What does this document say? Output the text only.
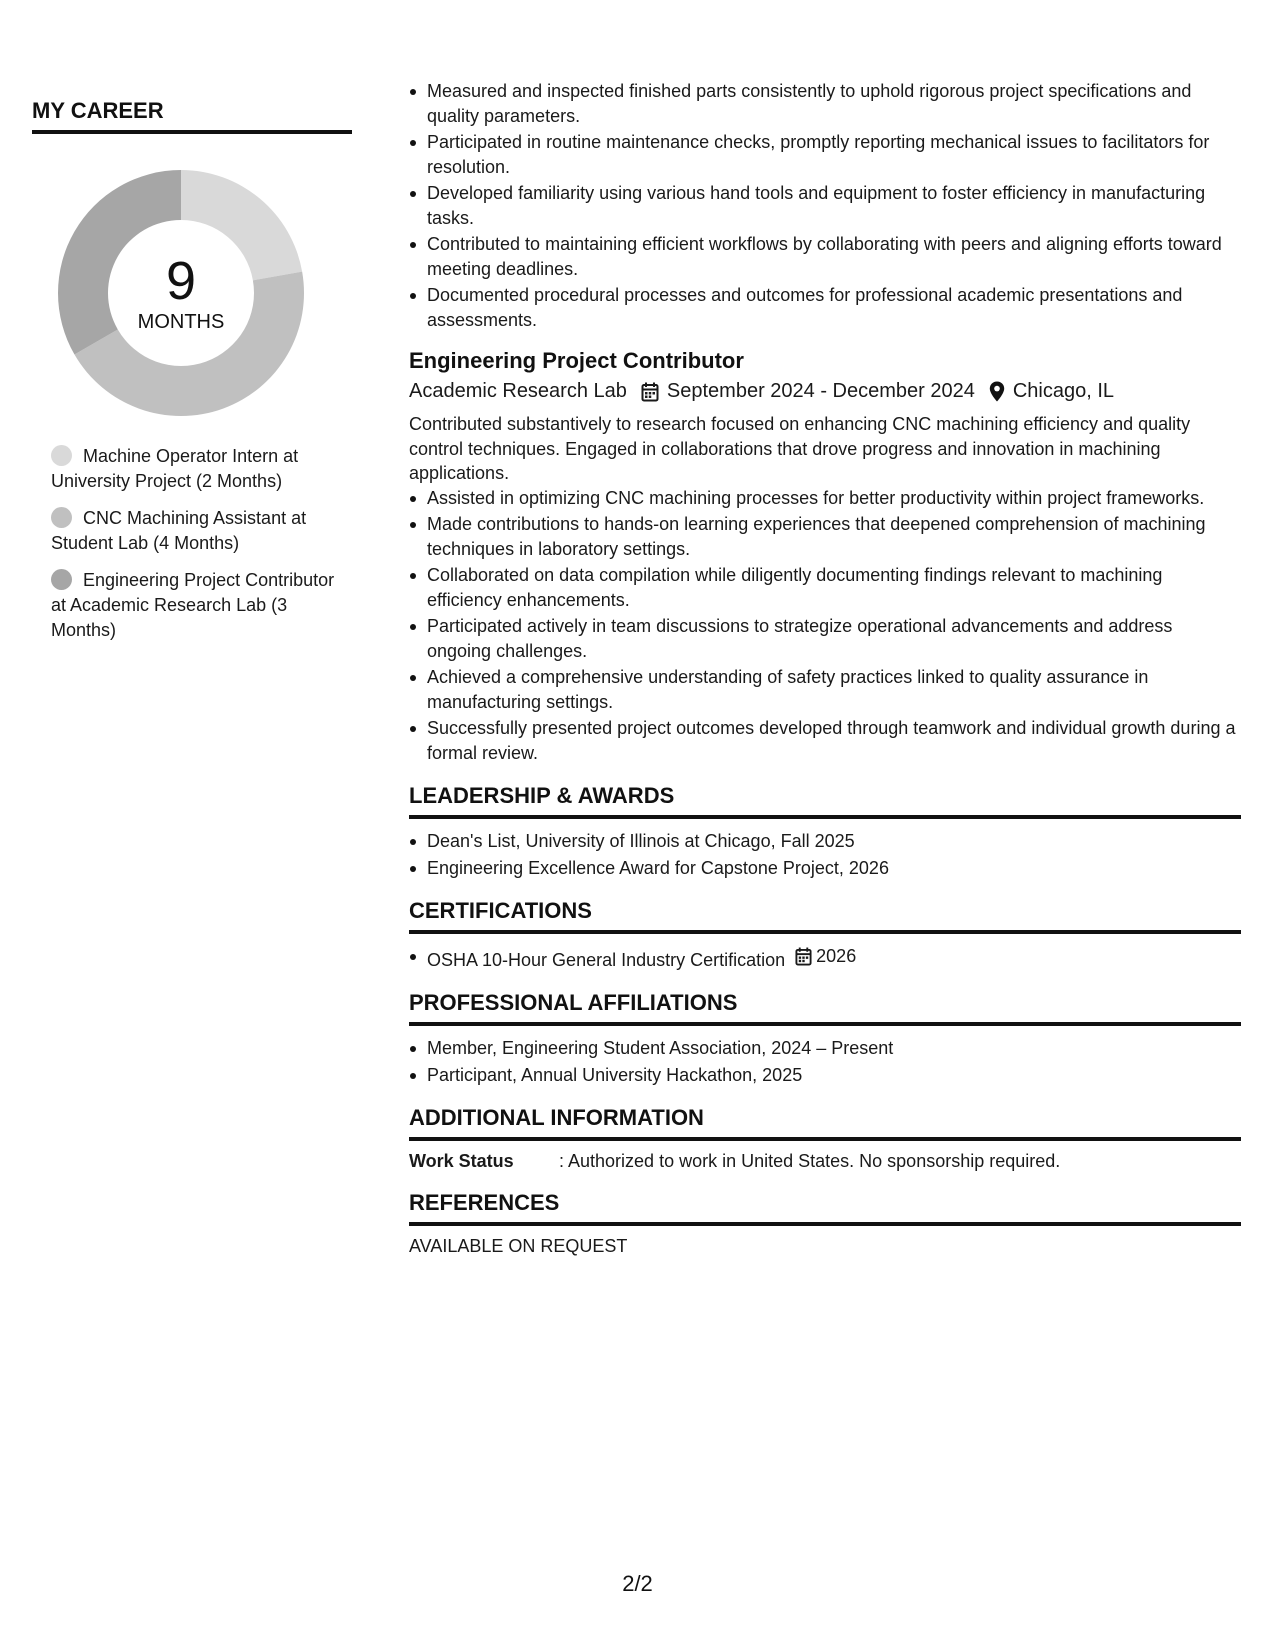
MY CAREER
9
MONTHS
Machine Operator Intern at University Project (2 Months)
CNC Machining Assistant at Student Lab (4 Months)
Engineering Project Contributor at Academic Research Lab (3 Months)
Measured and inspected finished parts consistently to uphold rigorous project specifications and quality parameters.
Participated in routine maintenance checks, promptly reporting mechanical issues to facilitators for resolution.
Developed familiarity using various hand tools and equipment to foster efficiency in manufacturing tasks.
Contributed to maintaining efficient workflows by collaborating with peers and aligning efforts toward meeting deadlines.
Documented procedural processes and outcomes for professional academic presentations and assessments.
Engineering Project Contributor
Academic Research Lab September 2024 - December 2024 Chicago, IL
Contributed substantively to research focused on enhancing CNC machining efficiency and quality control techniques. Engaged in collaborations that drove progress and innovation in machining applications.
Assisted in optimizing CNC machining processes for better productivity within project frameworks.
Made contributions to hands-on learning experiences that deepened comprehension of machining techniques in laboratory settings.
Collaborated on data compilation while diligently documenting findings relevant to machining efficiency enhancements.
Participated actively in team discussions to strategize operational advancements and address ongoing challenges.
Achieved a comprehensive understanding of safety practices linked to quality assurance in manufacturing settings.
Successfully presented project outcomes developed through teamwork and individual growth during a formal review.
LEADERSHIP & AWARDS
Dean's List, University of Illinois at Chicago, Fall 2025
Engineering Excellence Award for Capstone Project, 2026
CERTIFICATIONS
OSHA 10-Hour General Industry Certification 2026
PROFESSIONAL AFFILIATIONS
Member, Engineering Student Association, 2024 – Present
Participant, Annual University Hackathon, 2025
ADDITIONAL INFORMATION
Work Status	: Authorized to work in United States. No sponsorship required.
REFERENCES
AVAILABLE ON REQUEST
2/2
